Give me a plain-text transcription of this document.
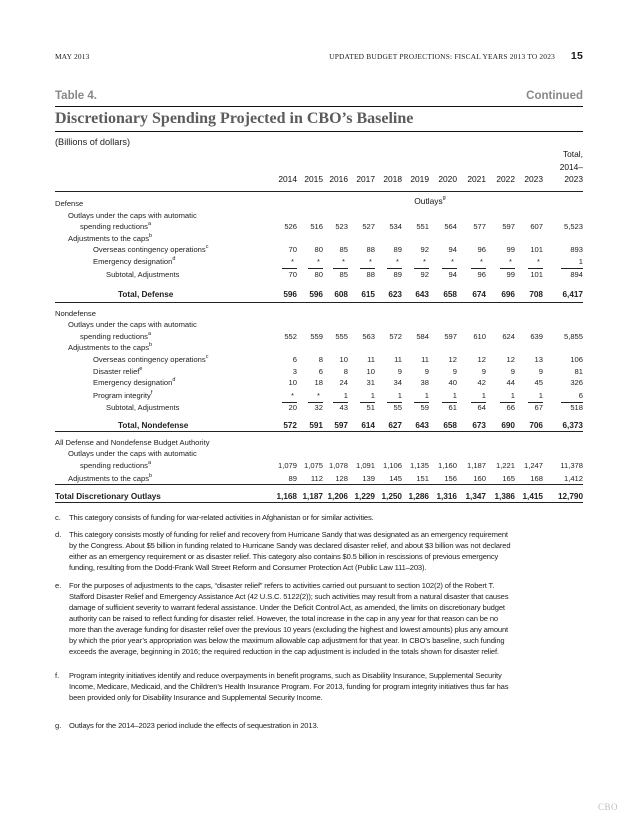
MAY 2013	UPDATED BUDGET PROJECTIONS: FISCAL YEARS 2013 TO 2023 15
Table 4.	Continued
Discretionary Spending Projected in CBO’s Baseline
(Billions of dollars)
2014 2015 2016 2017 2018 2019	2020	2021	2022	2023
Total,
2014–
2023
Outlays$^g$
Defense
Outlays under the caps with automatic
spending reductions$^a$	526	516	523	527	534	551	564	577	597	607	5,523
Adjustments to the caps$^b$
Overseas contingency operations$^c$	70	80	85	88	89	92	94	96	99	101	893
Emergency designation$^d$	*	*	*	*	*	*	*	*	*	*	1
Subtotal, Adjustments	70	80	85	88	89	92	94	96	99	101	894
Total, Defense	596	596	608	615	623	643	658	674	696	708	6,417
Nondefense
Outlays under the caps with automatic
spending reductions$^a$	552	559	555	563	572	584	597	610	624	639	5,855
Adjustments to the caps$^b$
Overseas contingency operations$^c$	6	8	10	11	11	11	12	12	12	13	106
Disaster relief$^e$	3	6	8	10	9	9	9	9	9	9	81
Emergency designation$^d$	10	18	24	31	34	38	40	42	44	45	326
Program integrity$^f$	*	*	1	1	1	1	1	1	1	1	6
Subtotal, Adjustments	20	32	43	51	55	59	61	64	66	67	518
Total, Nondefense	572	591	597	614	627	643	658	673	690	706	6,373
All Defense and Nondefense Budget Authority
Outlays under the caps with automatic
spending reductions$^a$	1,079 1,075 1,078	1,091	1,106	1,135	1,160	1,187	1,221	1,247	11,378
Adjustments to the caps$^b$	89	112	128	139	145	151	156	160	165	168	1,412
Total Discretionary Outlays	1,168 1,187 1,206 1,229 1,250 1,286 1,316	1,347	1,386 1,415	12,790
c. This category consists of funding for war-related activities in Afghanistan or for similar activities.
d. This category consists mostly of funding for relief and recovery from Hurricane Sandy that was designated as an emergency requirement
by the Congress. About $5 billion in funding related to Hurricane Sandy was declared disaster relief, and about $3 billion was not declared
either as an emergency requirement or as disaster relief. This category also contains $0.5 billion in rescissions of previous emergency
funding, resulting from the Dodd-Frank Wall Street Reform and Consumer Protection Act (Public Law 111–203).
e. For the purposes of adjustments to the caps, “disaster relief” refers to activities carried out pursuant to section 102(2) of the Robert T.
Stafford Disaster Relief and Emergency Assistance Act (42 U.S.C. 5122(2)); such activities may result from a natural disaster that causes
damage of sufficient severity to warrant federal assistance. Under the Deficit Control Act, as amended, the limits on discretionary budget
authority can be raised to reflect funding for disaster relief. However, the total increase in the cap in any year for that reason can be no
more than the average funding for disaster relief over the previous 10 years (excluding the highest and lowest amounts) plus any amount
by which the prior year’s appropriation was below the maximum allowable cap adjustment for that year. In CBO’s baseline, such funding
exceeds the average, beginning in 2016; the required reduction in the cap adjustment is included in the totals shown for disaster relief.
f. Program integrity initiatives identify and reduce overpayments in benefit programs, such as Disability Insurance, Supplemental Security
Income, Medicare, Medicaid, and the Children’s Health Insurance Program. For 2013, funding for program integrity initiatives thus far has
been provided only for Disability Insurance and Supplemental Security Income.
g. Outlays for the 2014–2023 period include the effects of sequestration in 2013.
CBO
